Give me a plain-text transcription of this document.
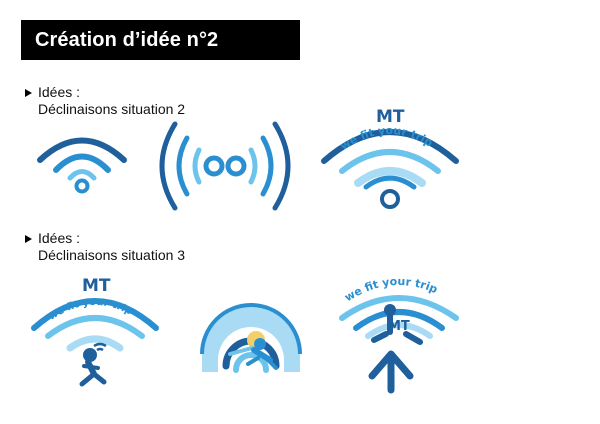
Création d’idée n°2
Idées :
Déclinaisons situation 2	MT
we fit your trip
Idées :
Déclinaisons situation 3
MT
we fit your trip
we fit your trip
MT
